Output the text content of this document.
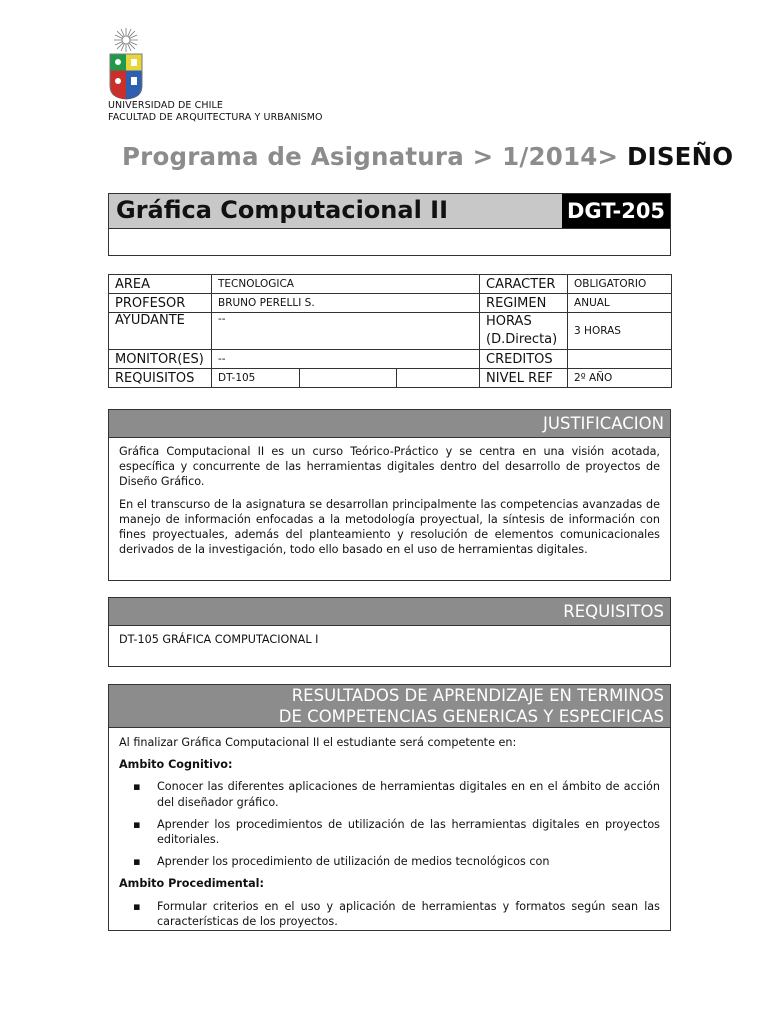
UNIVERSIDAD DE CHILE
FACULTAD DE ARQUITECTURA Y URBANISMO
Programa de Asignatura > 1/2014> DISEÑO
Gráfica Computacional II	DGT-205
AREA	TECNOLOGICA			CARACTER	OBLIGATORIO
PROFESOR	BRUNO PERELLI S.			REGIMEN	ANUAL
AYUDANTE	--			HORAS (D.Directa)	3 HORAS
MONITOR(ES)	--			CREDITOS	
REQUISITOS	DT-105			NIVEL REF	2º AÑO
JUSTIFICACION

Gráfica Computacional II es un curso Teórico-Práctico y se centra en una visión acotada, específica y concurrente de las herramientas digitales dentro del desarrollo de proyectos de Diseño Gráfico.

En el transcurso de la asignatura se desarrollan principalmente las competencias avanzadas de manejo de información enfocadas a la metodología proyectual, la síntesis de información con fines proyectuales, además del planteamiento y resolución de elementos comunicacionales derivados de la investigación, todo ello basado en el uso de herramientas digitales.

REQUISITOS
DT-105 GRÁFICA COMPUTACIONAL I
RESULTADOS DE APRENDIZAJE EN TERMINOS
DE COMPETENCIAS GENERICAS Y ESPECIFICAS

Al finalizar Gráfica Computacional II el estudiante será competente en:

Ambito Cognitivo:

▪ Conocer las diferentes aplicaciones de herramientas digitales en en el ámbito de acción del diseñador gráfico.
▪ Aprender los procedimientos de utilización de las herramientas digitales en proyectos editoriales.
▪ Aprender los procedimiento de utilización de medios tecnológicos con

Ambito Procedimental:

▪ Formular criterios en el uso y aplicación de herramientas y formatos según sean las características de los proyectos.
